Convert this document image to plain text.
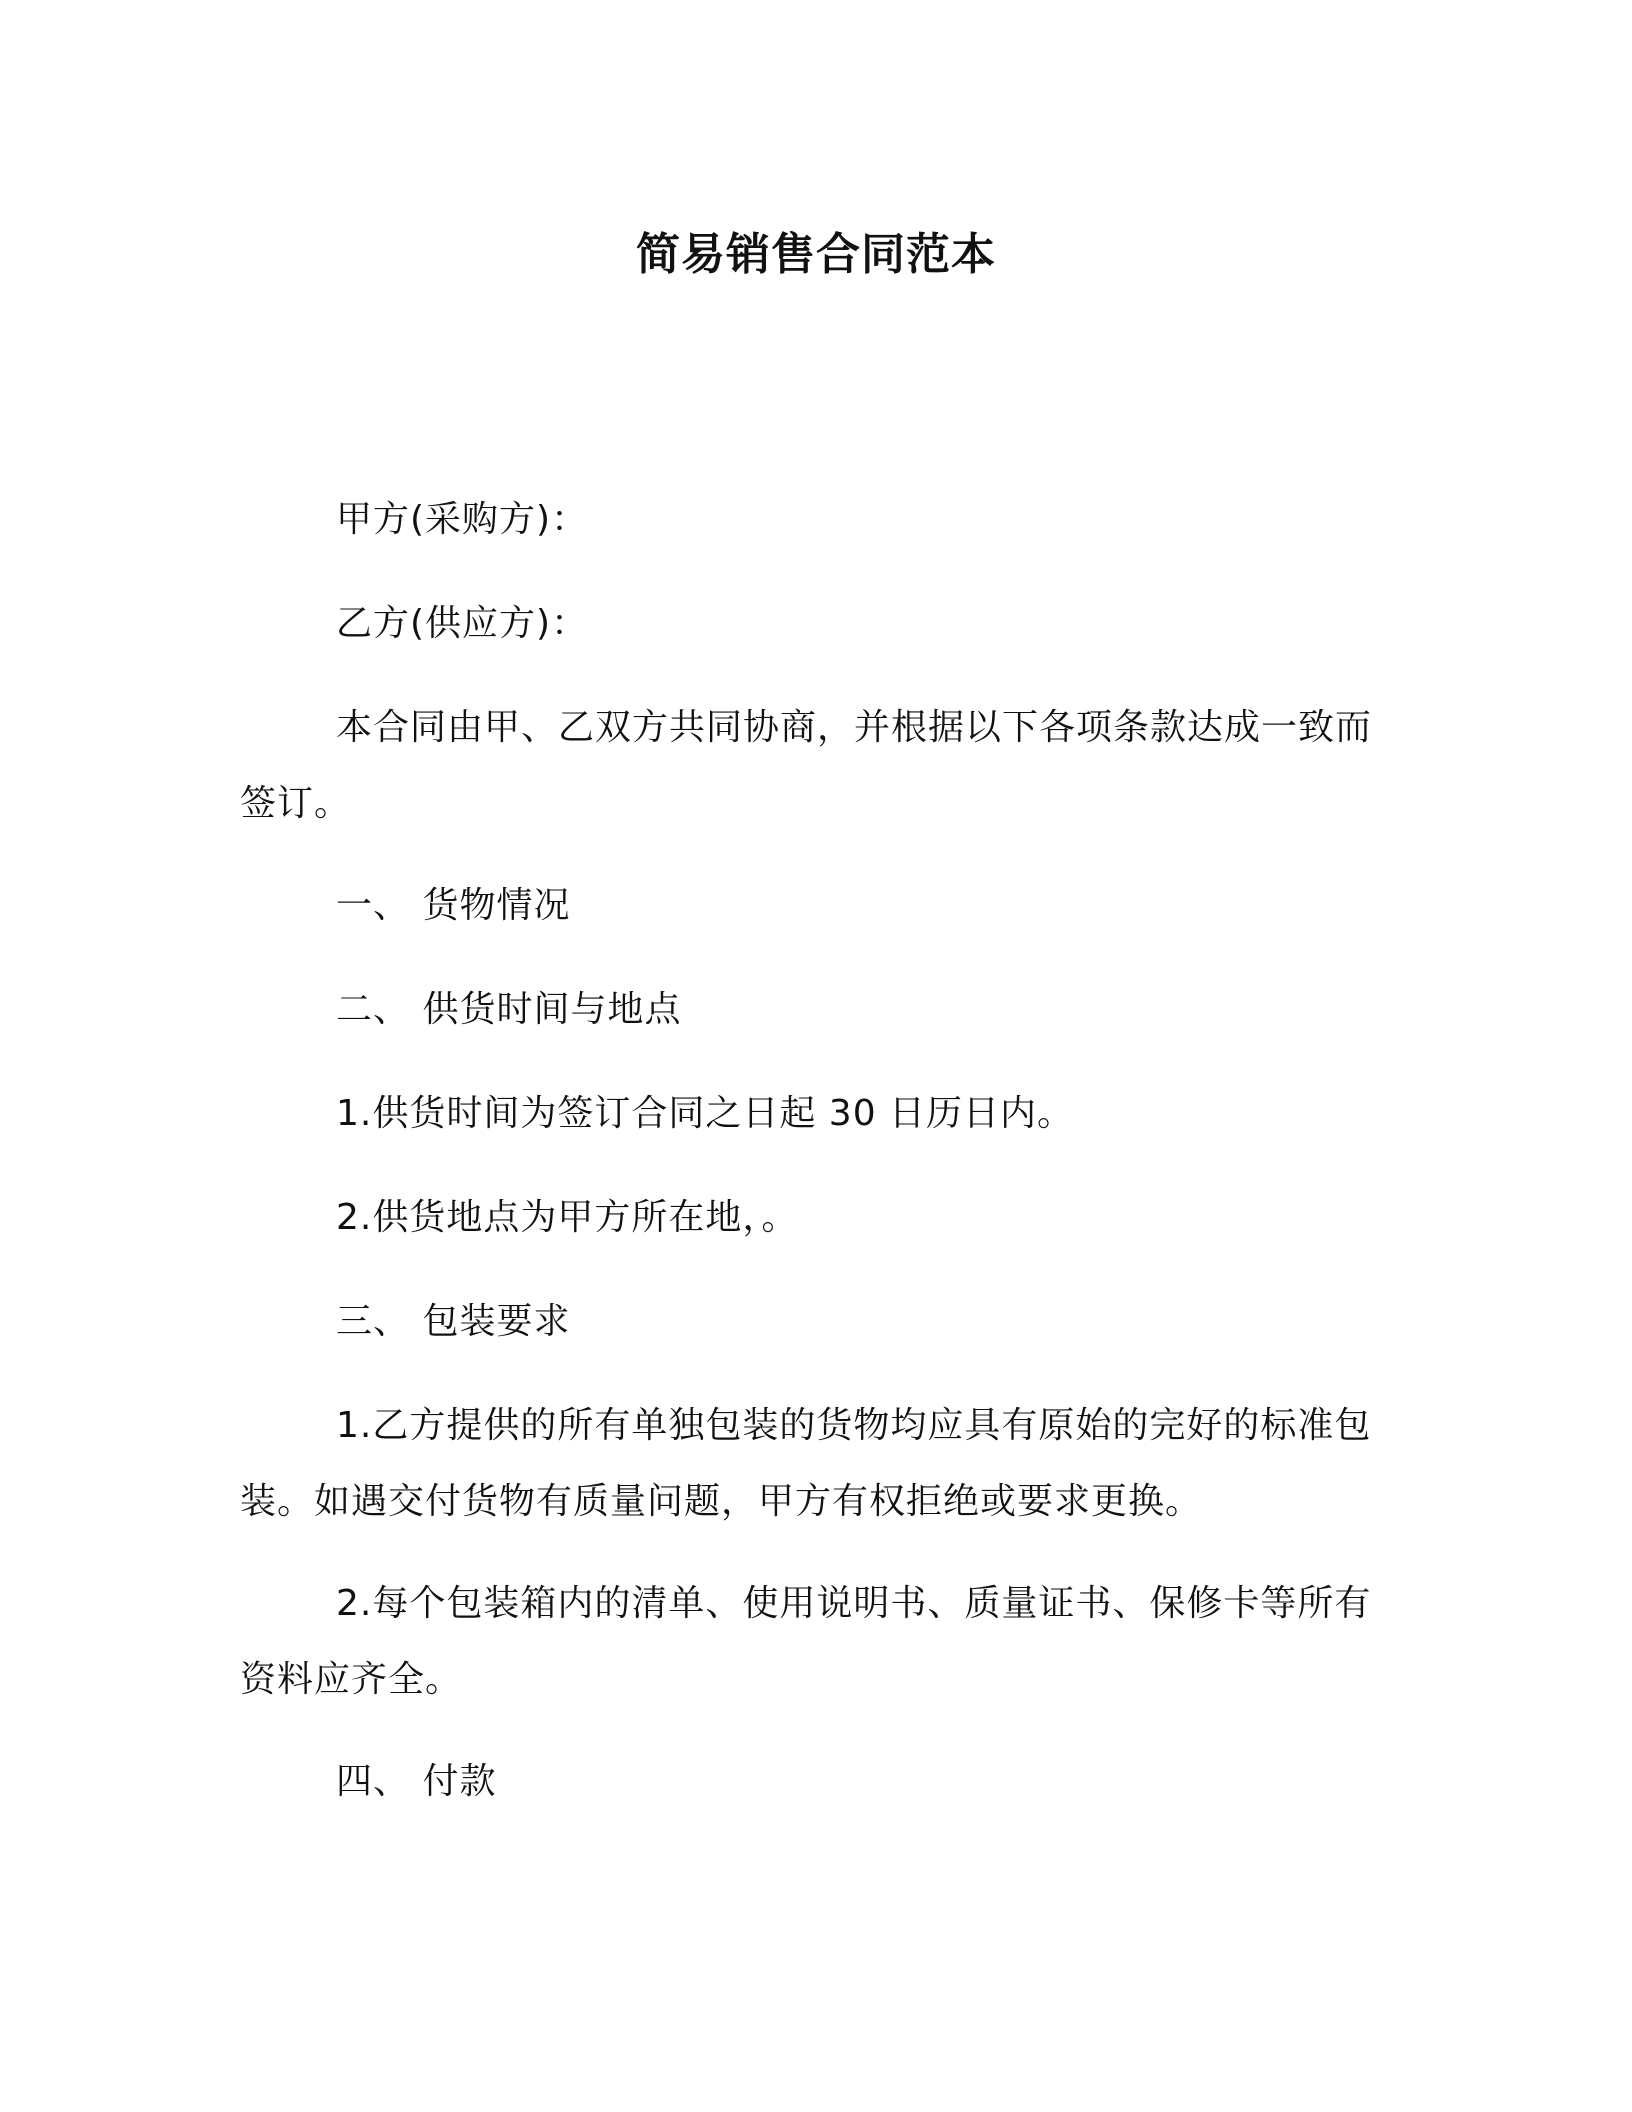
简易销售合同范本

甲方(采购方)：

乙方(供应方)：

本合同由甲、乙双方共同协商，并根据以下各项条款达成一致而签订。

一、 货物情况

二、 供货时间与地点

1.供货时间为签订合同之日起 30 日历日内。

2.供货地点为甲方所在地，。

三、 包装要求

1.乙方提供的所有单独包装的货物均应具有原始的完好的标准包装。如遇交付货物有质量问题，甲方有权拒绝或要求更换。

2.每个包装箱内的清单、使用说明书、质量证书、保修卡等所有资料应齐全。

四、 付款
